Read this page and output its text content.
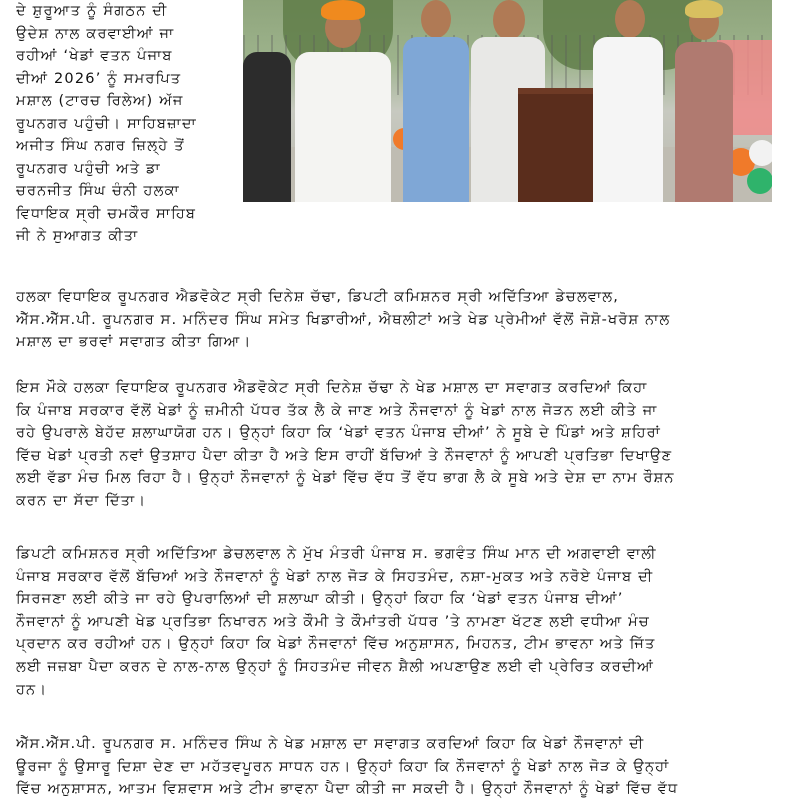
ਦੇ ਸ਼ੁਰੂਆਤ ਨੂੰ ਸੰਗਠਨ ਦੀ
ਉਦੇਸ਼ ਨਾਲ ਕਰਵਾਈਆਂ ਜਾ
ਰਹੀਆਂ ‘ਖੇਡਾਂ ਵਤਨ ਪੰਜਾਬ
ਦੀਆਂ 2026’ ਨੂੰ ਸਮਰਪਿਤ
ਮਸ਼ਾਲ (ਟਾਰਚ ਰਿਲੇਅ) ਅੱਜ
ਰੂਪਨਗਰ ਪਹੁੰਚੀ। ਸਾਹਿਬਜ਼ਾਦਾ
ਅਜੀਤ ਸਿੰਘ ਨਗਰ ਜ਼ਿਲ੍ਹੇ ਤੋਂ
ਰੂਪਨਗਰ ਪਹੁੰਚੀ ਅਤੇ ਡਾ
ਚਰਨਜੀਤ ਸਿੰਘ ਚੰਨੀ ਹਲਕਾ
ਵਿਧਾਇਕ ਸ੍ਰੀ ਚਮਕੌਰ ਸਾਹਿਬ
ਜੀ ਨੇ ਸੁਆਗਤ ਕੀਤਾ
ਹਲਕਾ ਵਿਧਾਇਕ ਰੂਪਨਗਰ ਐਡਵੋਕੇਟ ਸ੍ਰੀ ਦਿਨੇਸ਼ ਚੱਢਾ, ਡਿਪਟੀ ਕਮਿਸ਼ਨਰ ਸ੍ਰੀ ਅਦਿੱਤਿਆ ਡੇਚਲਵਾਲ,
ਐੱਸ.ਐੱਸ.ਪੀ. ਰੂਪਨਗਰ ਸ. ਮਨਿੰਦਰ ਸਿੰਘ ਸਮੇਤ ਖਿਡਾਰੀਆਂ, ਐਥਲੀਟਾਂ ਅਤੇ ਖੇਡ ਪ੍ਰੇਮੀਆਂ ਵੱਲੋਂ ਜੋਸ਼ੋ-ਖਰੋਸ਼ ਨਾਲ
ਮਸ਼ਾਲ ਦਾ ਭਰਵਾਂ ਸਵਾਗਤ ਕੀਤਾ ਗਿਆ।
ਇਸ ਮੌਕੇ ਹਲਕਾ ਵਿਧਾਇਕ ਰੂਪਨਗਰ ਐਡਵੋਕੇਟ ਸ੍ਰੀ ਦਿਨੇਸ਼ ਚੱਢਾ ਨੇ ਖੇਡ ਮਸ਼ਾਲ ਦਾ ਸਵਾਗਤ ਕਰਦਿਆਂ ਕਿਹਾ
ਕਿ ਪੰਜਾਬ ਸਰਕਾਰ ਵੱਲੋਂ ਖੇਡਾਂ ਨੂੰ ਜ਼ਮੀਨੀ ਪੱਧਰ ਤੱਕ ਲੈ ਕੇ ਜਾਣ ਅਤੇ ਨੌਜਵਾਨਾਂ ਨੂੰ ਖੇਡਾਂ ਨਾਲ ਜੋੜਨ ਲਈ ਕੀਤੇ ਜਾ
ਰਹੇ ਉਪਰਾਲੇ ਬੇਹੱਦ ਸ਼ਲਾਘਾਯੋਗ ਹਨ। ਉਨ੍ਹਾਂ ਕਿਹਾ ਕਿ ‘ਖੇਡਾਂ ਵਤਨ ਪੰਜਾਬ ਦੀਆਂ’ ਨੇ ਸੂਬੇ ਦੇ ਪਿੰਡਾਂ ਅਤੇ ਸ਼ਹਿਰਾਂ
ਵਿੱਚ ਖੇਡਾਂ ਪ੍ਰਤੀ ਨਵਾਂ ਉਤਸ਼ਾਹ ਪੈਦਾ ਕੀਤਾ ਹੈ ਅਤੇ ਇਸ ਰਾਹੀਂ ਬੱਚਿਆਂ ਤੇ ਨੌਜਵਾਨਾਂ ਨੂੰ ਆਪਣੀ ਪ੍ਰਤਿਭਾ ਦਿਖਾਉਣ
ਲਈ ਵੱਡਾ ਮੰਚ ਮਿਲ ਰਿਹਾ ਹੈ। ਉਨ੍ਹਾਂ ਨੌਜਵਾਨਾਂ ਨੂੰ ਖੇਡਾਂ ਵਿੱਚ ਵੱਧ ਤੋਂ ਵੱਧ ਭਾਗ ਲੈ ਕੇ ਸੂਬੇ ਅਤੇ ਦੇਸ਼ ਦਾ ਨਾਮ ਰੌਸ਼ਨ
ਕਰਨ ਦਾ ਸੱਦਾ ਦਿੱਤਾ।
ਡਿਪਟੀ ਕਮਿਸ਼ਨਰ ਸ੍ਰੀ ਅਦਿੱਤਿਆ ਡੇਚਲਵਾਲ ਨੇ ਮੁੱਖ ਮੰਤਰੀ ਪੰਜਾਬ ਸ. ਭਗਵੰਤ ਸਿੰਘ ਮਾਨ ਦੀ ਅਗਵਾਈ ਵਾਲੀ
ਪੰਜਾਬ ਸਰਕਾਰ ਵੱਲੋਂ ਬੱਚਿਆਂ ਅਤੇ ਨੌਜਵਾਨਾਂ ਨੂੰ ਖੇਡਾਂ ਨਾਲ ਜੋੜ ਕੇ ਸਿਹਤਮੰਦ, ਨਸ਼ਾ-ਮੁਕਤ ਅਤੇ ਨਰੋਏ ਪੰਜਾਬ ਦੀ
ਸਿਰਜਣਾ ਲਈ ਕੀਤੇ ਜਾ ਰਹੇ ਉਪਰਾਲਿਆਂ ਦੀ ਸ਼ਲਾਘਾ ਕੀਤੀ। ਉਨ੍ਹਾਂ ਕਿਹਾ ਕਿ ‘ਖੇਡਾਂ ਵਤਨ ਪੰਜਾਬ ਦੀਆਂ’
ਨੌਜਵਾਨਾਂ ਨੂੰ ਆਪਣੀ ਖੇਡ ਪ੍ਰਤਿਭਾ ਨਿਖਾਰਨ ਅਤੇ ਕੌਮੀ ਤੇ ਕੌਮਾਂਤਰੀ ਪੱਧਰ ’ਤੇ ਨਾਮਣਾ ਖੱਟਣ ਲਈ ਵਧੀਆ ਮੰਚ
ਪ੍ਰਦਾਨ ਕਰ ਰਹੀਆਂ ਹਨ। ਉਨ੍ਹਾਂ ਕਿਹਾ ਕਿ ਖੇਡਾਂ ਨੌਜਵਾਨਾਂ ਵਿੱਚ ਅਨੁਸ਼ਾਸਨ, ਮਿਹਨਤ, ਟੀਮ ਭਾਵਨਾ ਅਤੇ ਜਿੱਤ
ਲਈ ਜਜ਼ਬਾ ਪੈਦਾ ਕਰਨ ਦੇ ਨਾਲ-ਨਾਲ ਉਨ੍ਹਾਂ ਨੂੰ ਸਿਹਤਮੰਦ ਜੀਵਨ ਸ਼ੈਲੀ ਅਪਣਾਉਣ ਲਈ ਵੀ ਪ੍ਰੇਰਿਤ ਕਰਦੀਆਂ
ਹਨ।
ਐੱਸ.ਐੱਸ.ਪੀ. ਰੂਪਨਗਰ ਸ. ਮਨਿੰਦਰ ਸਿੰਘ ਨੇ ਖੇਡ ਮਸ਼ਾਲ ਦਾ ਸਵਾਗਤ ਕਰਦਿਆਂ ਕਿਹਾ ਕਿ ਖੇਡਾਂ ਨੌਜਵਾਨਾਂ ਦੀ
ਊਰਜਾ ਨੂੰ ਉਸਾਰੂ ਦਿਸ਼ਾ ਦੇਣ ਦਾ ਮਹੱਤਵਪੂਰਨ ਸਾਧਨ ਹਨ। ਉਨ੍ਹਾਂ ਕਿਹਾ ਕਿ ਨੌਜਵਾਨਾਂ ਨੂੰ ਖੇਡਾਂ ਨਾਲ ਜੋੜ ਕੇ ਉਨ੍ਹਾਂ
ਵਿੱਚ ਅਨੁਸ਼ਾਸਨ, ਆਤਮ ਵਿਸ਼ਵਾਸ ਅਤੇ ਟੀਮ ਭਾਵਨਾ ਪੈਦਾ ਕੀਤੀ ਜਾ ਸਕਦੀ ਹੈ। ਉਨ੍ਹਾਂ ਨੌਜਵਾਨਾਂ ਨੂੰ ਖੇਡਾਂ ਵਿੱਚ ਵੱਧ
